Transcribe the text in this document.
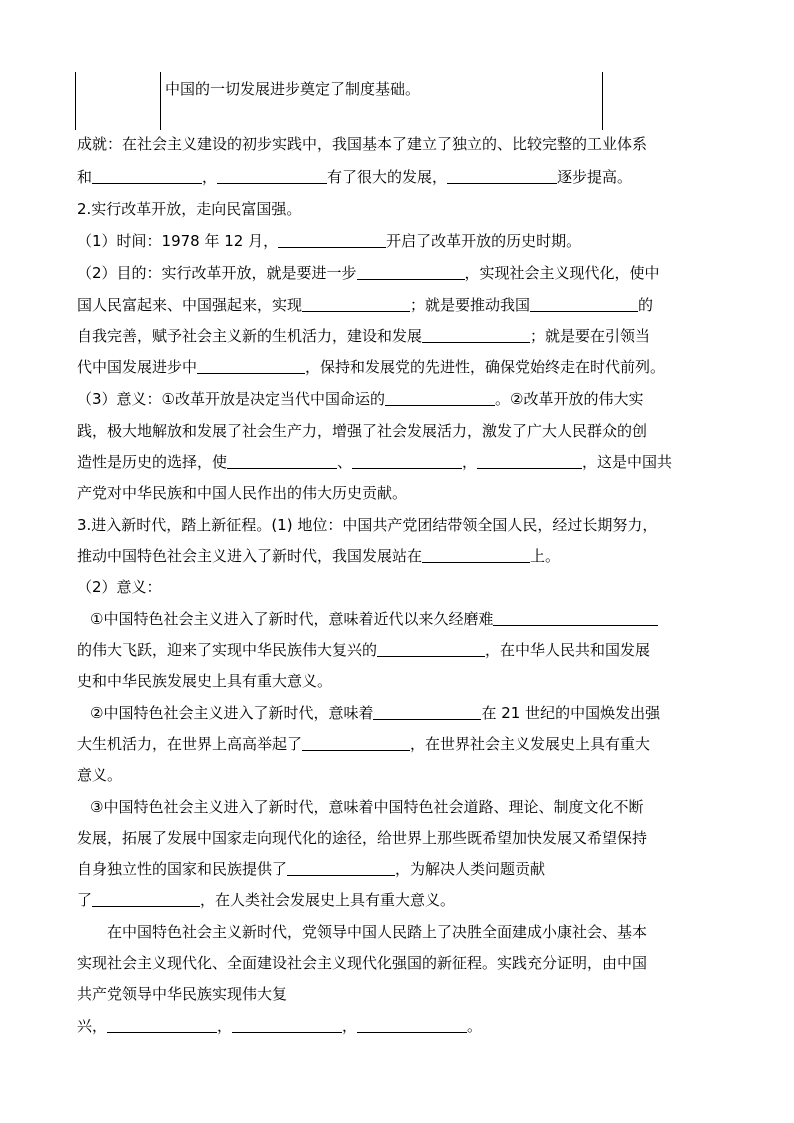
中国的一切发展进步奠定了制度基础。
成就：在社会主义建设的初步实践中，我国基本了建立了独立的、比较完整的工业体系
和	，	有了很大的发展，	逐步提高。
2.实行改革开放，走向民富国强。
（1）时间：1978 年 12 月，	开启了改革开放的历史时期。
（2）目的：实行改革开放，就是要进一步	，实现社会主义现代化，使中
国人民富起来、中国强起来，实现	；就是要推动我国	的
自我完善，赋予社会主义新的生机活力，建设和发展	；就是要在引领当
代中国发展进步中	，保持和发展党的先进性，确保党始终走在时代前列。
（3）意义：①改革开放是决定当代中国命运的	。②改革开放的伟大实
践，极大地解放和发展了社会生产力，增强了社会发展活力，激发了广大人民群众的创
造性是历史的选择，使	、	，	，这是中国共
产党对中华民族和中国人民作出的伟大历史贡献。
3.进入新时代，踏上新征程。(1) 地位：中国共产党团结带领全国人民，经过长期努力，
推动中国特色社会主义进入了新时代，我国发展站在	上。
（2）意义：
①中国特色社会主义进入了新时代，意味着近代以来久经磨难
的伟大飞跃，迎来了实现中华民族伟大复兴的	，在中华人民共和国发展
史和中华民族发展史上具有重大意义。
②中国特色社会主义进入了新时代，意味着	在 21 世纪的中国焕发出强
大生机活力，在世界上高高举起了	，在世界社会主义发展史上具有重大
意义。
③中国特色社会主义进入了新时代，意味着中国特色社会道路、理论、制度文化不断
发展，拓展了发展中国家走向现代化的途径，给世界上那些既希望加快发展又希望保持
自身独立性的国家和民族提供了	，为解决人类问题贡献
了	，在人类社会发展史上具有重大意义。
在中国特色社会主义新时代，党领导中国人民踏上了决胜全面建成小康社会、基本
实现社会主义现代化、全面建设社会主义现代化强国的新征程。实践充分证明，由中国
共产党领导中华民族实现伟大复
兴，	，	，	。
